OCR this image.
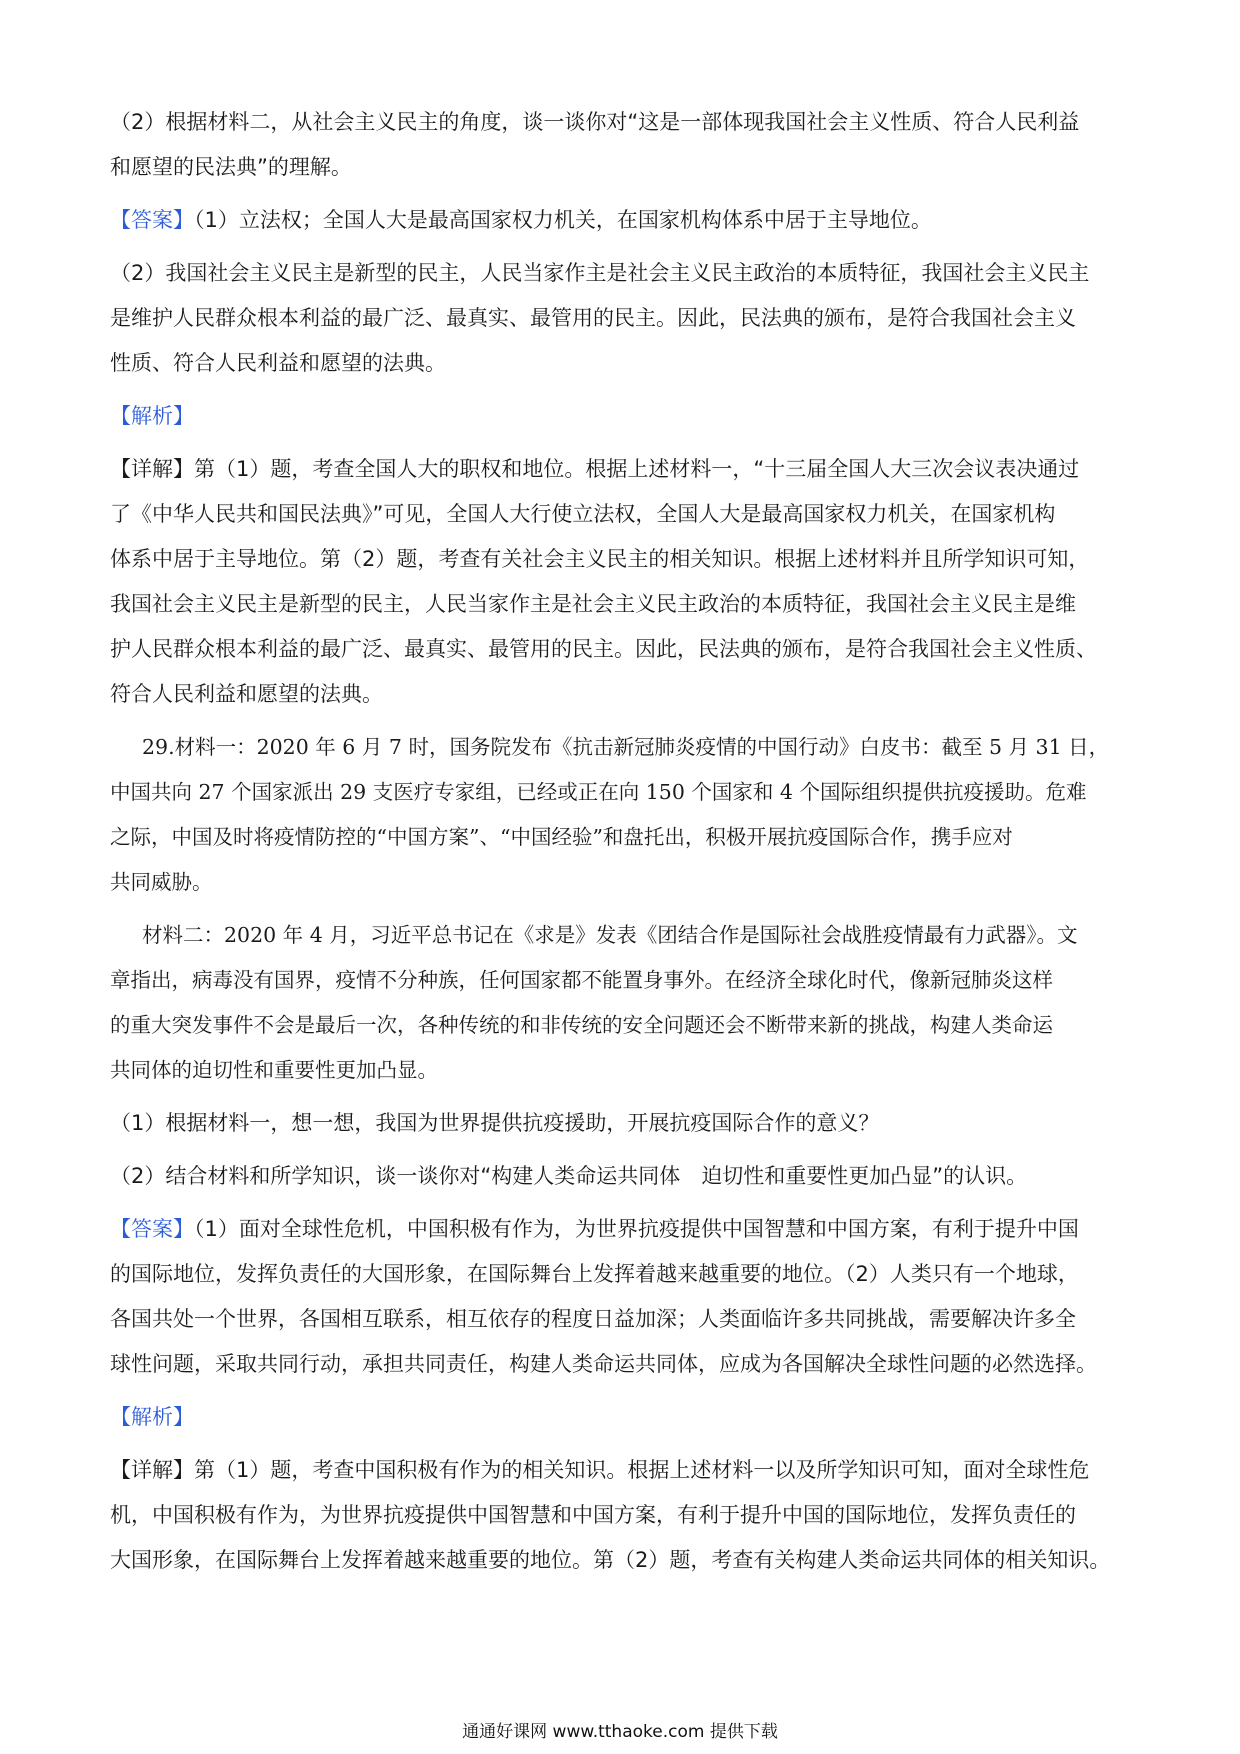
（2）根据材料二，从社会主义民主的角度，谈一谈你对“这是一部体现我国社会主义性质、符合人民利益
和愿望的民法典”的理解。

【答案】（1）立法权；全国人大是最高国家权力机关，在国家机构体系中居于主导地位。

（2）我国社会主义民主是新型的民主，人民当家作主是社会主义民主政治的本质特征，我国社会主义民主
是维护人民群众根本利益的最广泛、最真实、最管用的民主。因此，民法典的颁布，是符合我国社会主义
性质、符合人民利益和愿望的法典。

【解析】

【详解】第（1）题，考查全国人大的职权和地位。根据上述材料一，“十三届全国人大三次会议表决通过
了《中华人民共和国民法典》”可见，全国人大行使立法权，全国人大是最高国家权力机关，在国家机构
体系中居于主导地位。第（2）题，考查有关社会主义民主的相关知识。根据上述材料并且所学知识可知，
我国社会主义民主是新型的民主，人民当家作主是社会主义民主政治的本质特征，我国社会主义民主是维
护人民群众根本利益的最广泛、最真实、最管用的民主。因此，民法典的颁布，是符合我国社会主义性质、
符合人民利益和愿望的法典。

29.材料一：2020 年 6 月 7 时，国务院发布《抗击新冠肺炎疫情的中国行动》白皮书：截至 5 月 31 日，
中国共向 27 个国家派出 29 支医疗专家组，已经或正在向 150 个国家和 4 个国际组织提供抗疫援助。危难
之际，中国及时将疫情防控的“中国方案”、“中国经验”和盘托出，积极开展抗疫国际合作，携手应对
共同威胁。

材料二：2020 年 4 月，习近平总书记在《求是》发表《团结合作是国际社会战胜疫情最有力武器》。文
章指出，病毒没有国界，疫情不分种族，任何国家都不能置身事外。在经济全球化时代，像新冠肺炎这样
的重大突发事件不会是最后一次，各种传统的和非传统的安全问题还会不断带来新的挑战，构建人类命运
共同体的迫切性和重要性更加凸显。

（1）根据材料一，想一想，我国为世界提供抗疫援助，开展抗疫国际合作的意义？

（2）结合材料和所学知识，谈一谈你对“构建人类命运共同体　迫切性和重要性更加凸显”的认识。

【答案】（1）面对全球性危机，中国积极有作为，为世界抗疫提供中国智慧和中国方案，有利于提升中国
的国际地位，发挥负责任的大国形象，在国际舞台上发挥着越来越重要的地位。（2）人类只有一个地球，
各国共处一个世界，各国相互联系，相互依存的程度日益加深；人类面临许多共同挑战，需要解决许多全
球性问题，采取共同行动，承担共同责任，构建人类命运共同体，应成为各国解决全球性问题的必然选择。

【解析】

【详解】第（1）题，考查中国积极有作为的相关知识。根据上述材料一以及所学知识可知，面对全球性危
机，中国积极有作为，为世界抗疫提供中国智慧和中国方案，有利于提升中国的国际地位，发挥负责任的
大国形象，在国际舞台上发挥着越来越重要的地位。第（2）题，考查有关构建人类命运共同体的相关知识。

通通好课网 www.tthaoke.com 提供下载
